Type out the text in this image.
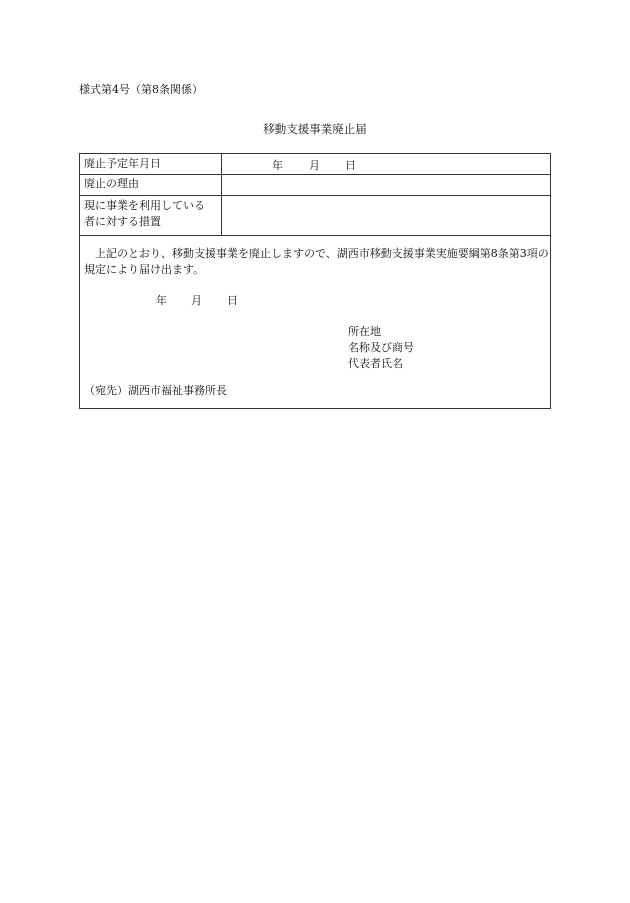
様式第4号（第8条関係）
移動支援事業廃止届
廃止予定年月日	年 月 日
廃止の理由
現に事業を利用している
者に対する措置
上記のとおり、移動支援事業を廃止しますので、湖西市移動支援事業実施要綱第8条第3項の規定により届け出ます。
年 月 日
所在地
名称及び商号
代表者氏名
（宛先）湖西市福祉事務所長
